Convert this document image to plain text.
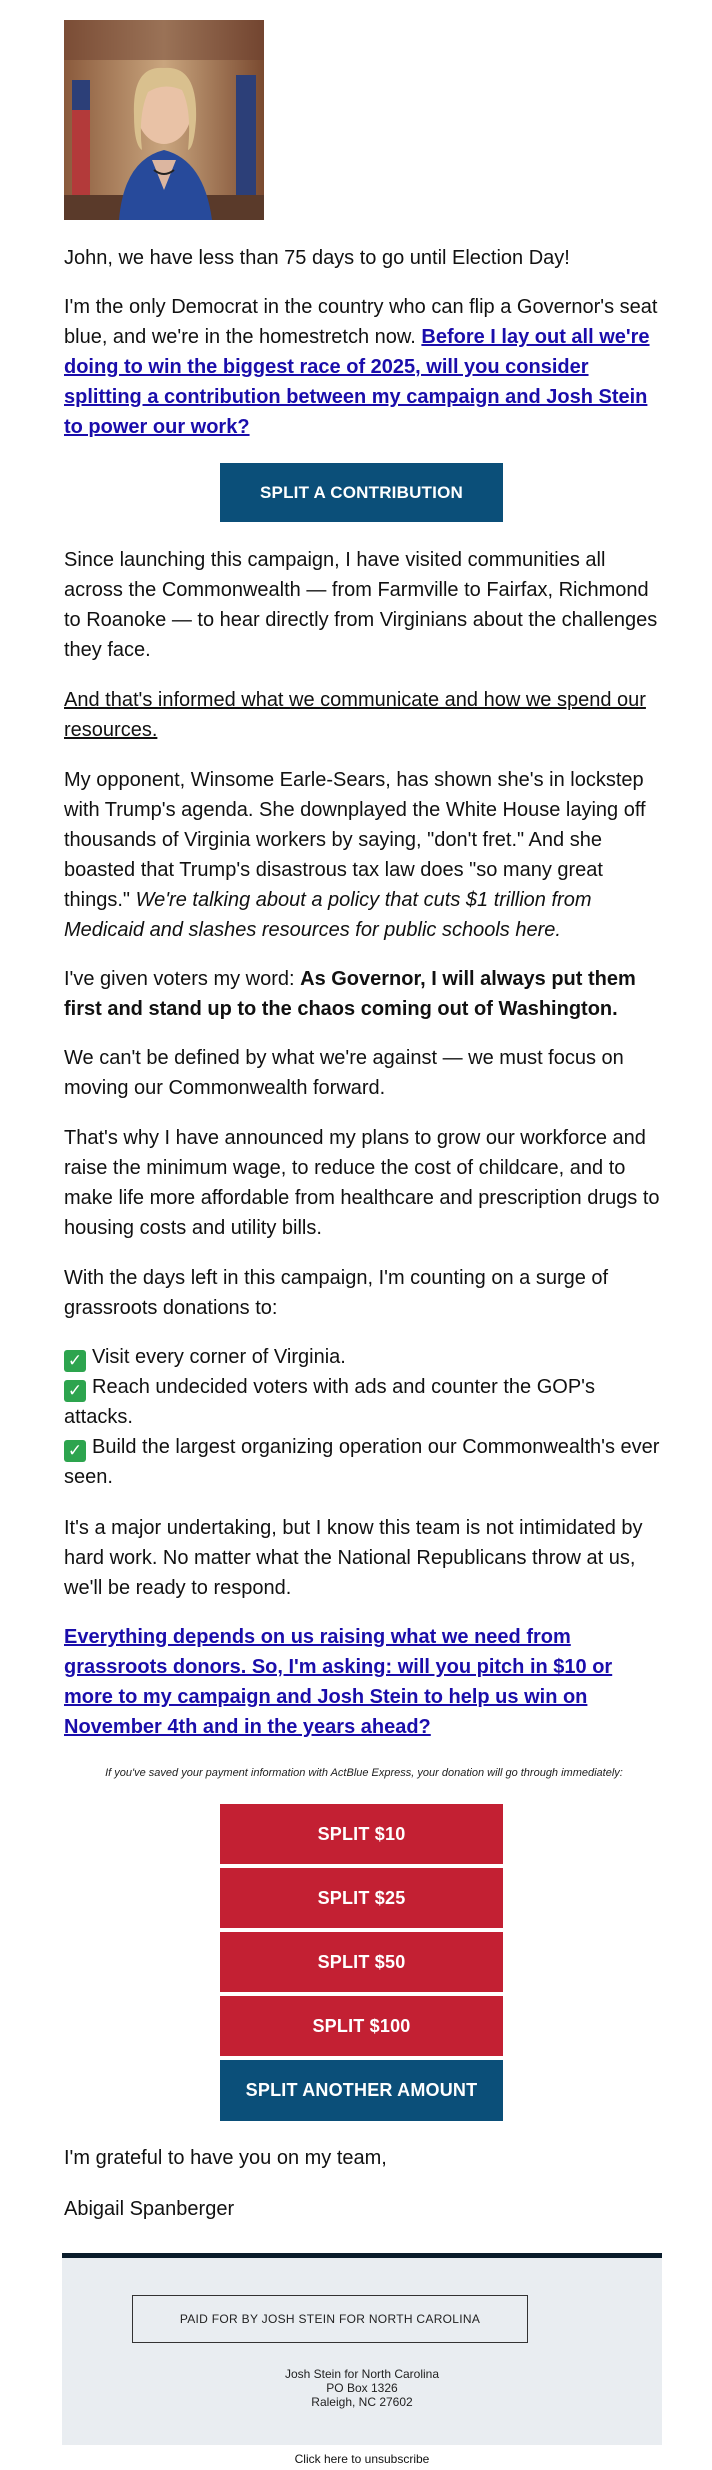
John, we have less than 75 days to go until Election Day!

I'm the only Democrat in the country who can flip a Governor's seat blue, and we're in the homestretch now. Before I lay out all we're doing to win the biggest race of 2025, will you consider splitting a contribution between my campaign and Josh Stein to power our work?

SPLIT A CONTRIBUTION

Since launching this campaign, I have visited communities all across the Commonwealth — from Farmville to Fairfax, Richmond to Roanoke — to hear directly from Virginians about the challenges they face.

And that's informed what we communicate and how we spend our resources.

My opponent, Winsome Earle-Sears, has shown she's in lockstep with Trump's agenda. She downplayed the White House laying off thousands of Virginia workers by saying, "don't fret." And she boasted that Trump's disastrous tax law does "so many great things." We're talking about a policy that cuts $1 trillion from Medicaid and slashes resources for public schools here.

I've given voters my word: As Governor, I will always put them first and stand up to the chaos coming out of Washington.

We can't be defined by what we're against — we must focus on moving our Commonwealth forward.

That's why I have announced my plans to grow our workforce and raise the minimum wage, to reduce the cost of childcare, and to make life more affordable from healthcare and prescription drugs to housing costs and utility bills.

With the days left in this campaign, I'm counting on a surge of grassroots donations to:

✓ Visit every corner of Virginia.

✓ Reach undecided voters with ads and counter the GOP's attacks.

✓ Build the largest organizing operation our Commonwealth's ever seen.

It's a major undertaking, but I know this team is not intimidated by hard work. No matter what the National Republicans throw at us, we'll be ready to respond.

Everything depends on us raising what we need from grassroots donors. So, I'm asking: will you pitch in $10 or more to my campaign and Josh Stein to help us win on November 4th and in the years ahead?

If you've saved your payment information with ActBlue Express, your donation will go through immediately:
SPLIT $10
SPLIT $25
SPLIT $50
SPLIT $100
SPLIT ANOTHER AMOUNT

I'm grateful to have you on my team,

Abigail Spanberger

PAID FOR BY JOSH STEIN FOR NORTH CAROLINA
Josh Stein for North Carolina
PO Box 1326
Raleigh, NC 27602
Click here to unsubscribe
